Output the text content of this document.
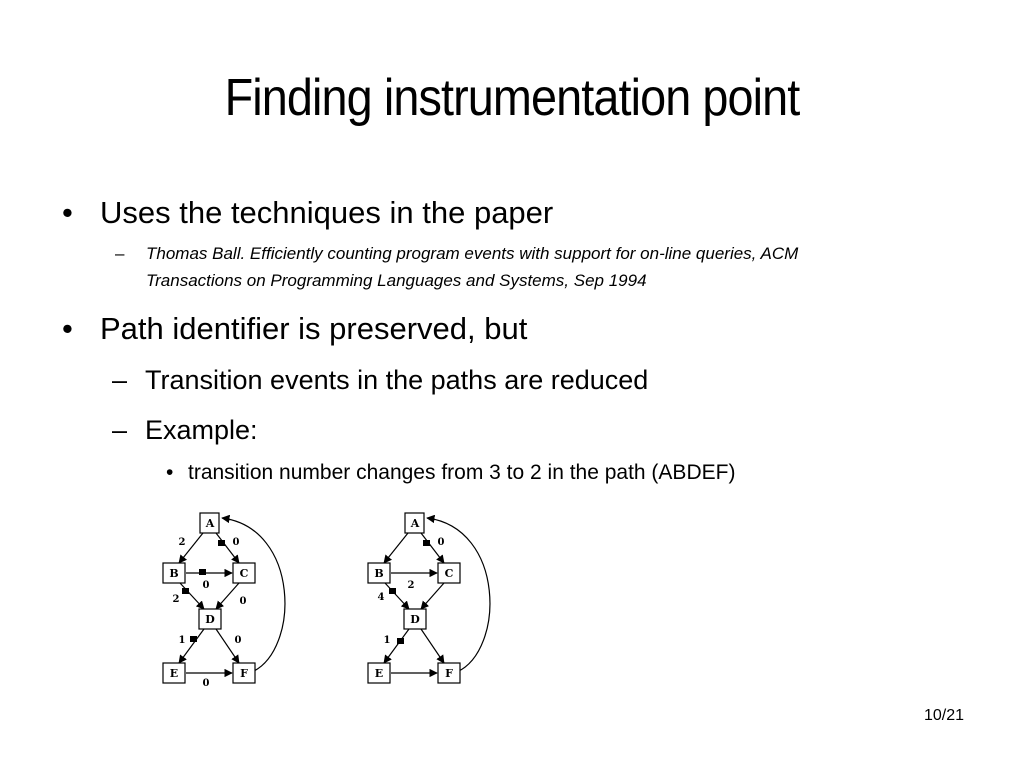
Finding instrumentation point
• Uses the techniques in the paper
– Thomas Ball. Efficiently counting program events with support for on-line queries, ACM
Transactions on Programming Languages and Systems, Sep 1994
• Path identifier is preserved, but
– Transition events in the paths are reduced
– Example:
• transition number changes from 3 to 2 in the path (ABDEF)
A
B	C
D
E	F
2	0
0
2	0
1	0
0
A
B	C
D
E	F
0
2
4
1
10/21
